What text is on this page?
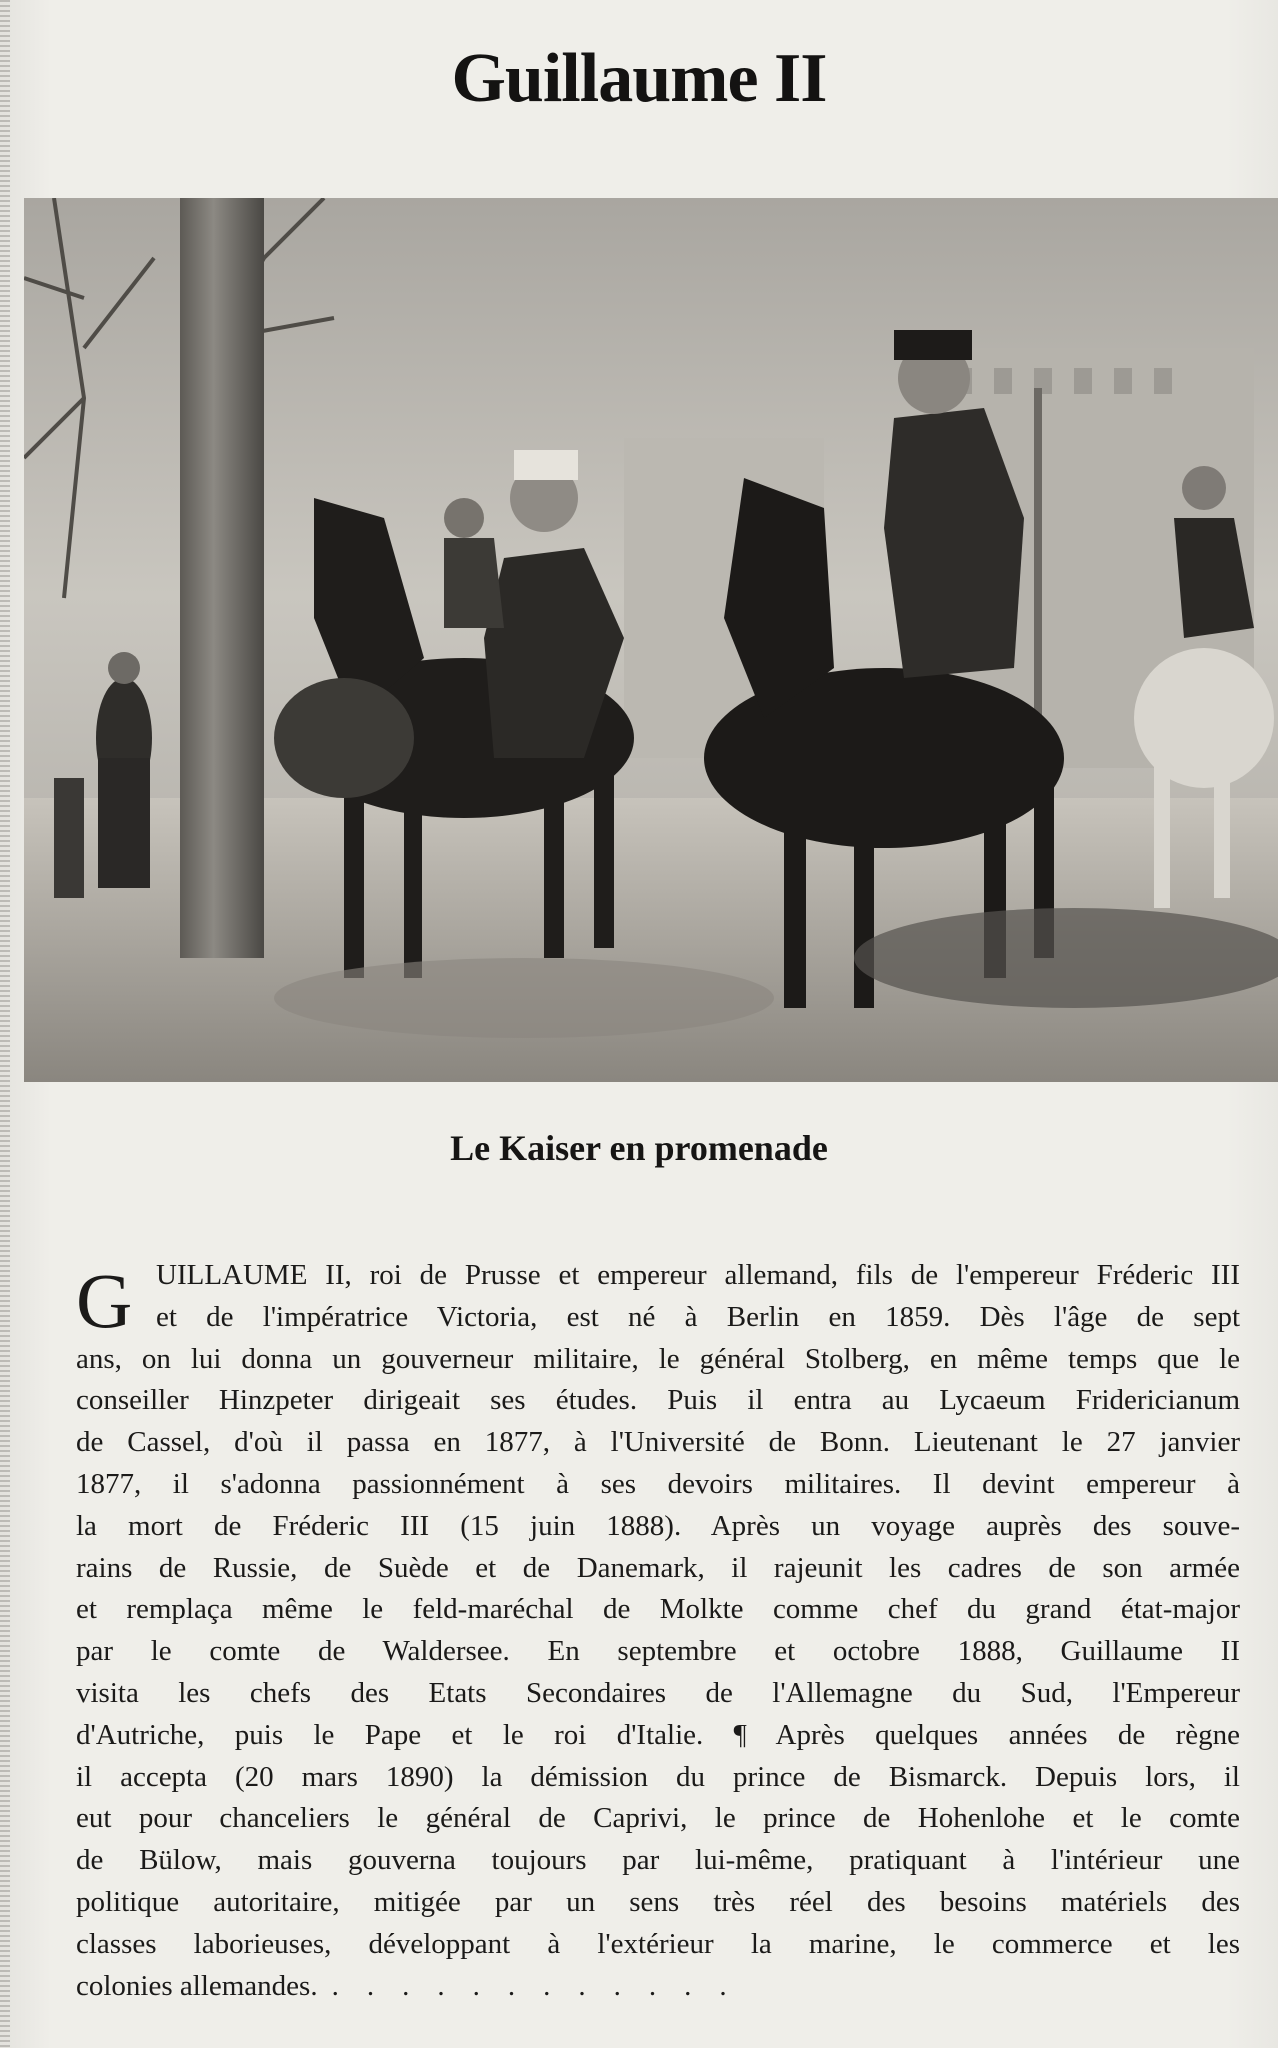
Guillaume II
Le Kaiser en promenade
G UILLAUME II, roi de Prusse et empereur allemand, fils de l'empereur Fréderic III
et de l'impératrice Victoria, est né à Berlin en 1859. Dès l'âge de sept
ans, on lui donna un gouverneur militaire, le général Stolberg, en même temps que le
conseiller Hinzpeter dirigeait ses études. Puis il entra au Lycaeum Fridericianum
de Cassel, d'où il passa en 1877, à l'Université de Bonn. Lieutenant le 27 janvier
1877, il s'adonna passionnément à ses devoirs militaires. Il devint empereur à
la mort de Fréderic III (15 juin 1888). Après un voyage auprès des souve-
rains de Russie, de Suède et de Danemark, il rajeunit les cadres de son armée
et remplaça même le feld-maréchal de Molkte comme chef du grand état-major
par le comte de Waldersee. En septembre et octobre 1888, Guillaume II
visita les chefs des Etats Secondaires de l'Allemagne du Sud, l'Empereur
d'Autriche, puis le Pape et le roi d'Italie. ¶ Après quelques années de règne
il accepta (20 mars 1890) la démission du prince de Bismarck. Depuis lors, il
eut pour chanceliers le général de Caprivi, le prince de Hohenlohe et le comte
de Bülow, mais gouverna toujours par lui-même, pratiquant à l'intérieur une
politique autoritaire, mitigée par un sens très réel des besoins matériels des
classes laborieuses, développant à l'extérieur la marine, le commerce et les
colonies allemandes. ............
